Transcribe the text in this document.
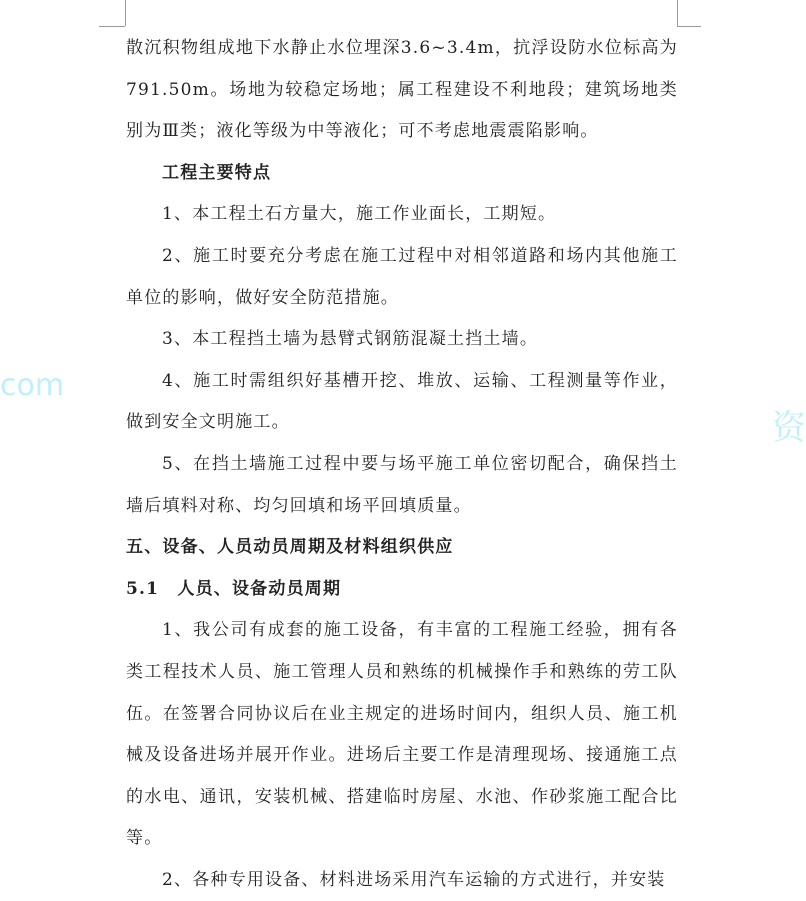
散沉积物组成地下水静止水位埋深3.6~3.4m，抗浮设防水位标高为791.50m。场地为较稳定场地；属工程建设不利地段；建筑场地类别为Ⅲ类；液化等级为中等液化；可不考虑地震震陷影响。

工程主要特点

1、本工程土石方量大，施工作业面长，工期短。

2、施工时要充分考虑在施工过程中对相邻道路和场内其他施工单位的影响，做好安全防范措施。

3、本工程挡土墙为悬臂式钢筋混凝土挡土墙。

4、施工时需组织好基槽开挖、堆放、运输、工程测量等作业，做到安全文明施工。

5、在挡土墙施工过程中要与场平施工单位密切配合，确保挡土墙后填料对称、均匀回填和场平回填质量。

五、设备、人员动员周期及材料组织供应

5.1　人员、设备动员周期

1、我公司有成套的施工设备，有丰富的工程施工经验，拥有各类工程技术人员、施工管理人员和熟练的机械操作手和熟练的劳工队伍。在签署合同协议后在业主规定的进场时间内，组织人员、施工机械及设备进场并展开作业。进场后主要工作是清理现场、接通施工点的水电、通讯，安装机械、搭建临时房屋、水池、作砂浆施工配合比等。

2、各种专用设备、材料进场采用汽车运输的方式进行，并安装

com
资
